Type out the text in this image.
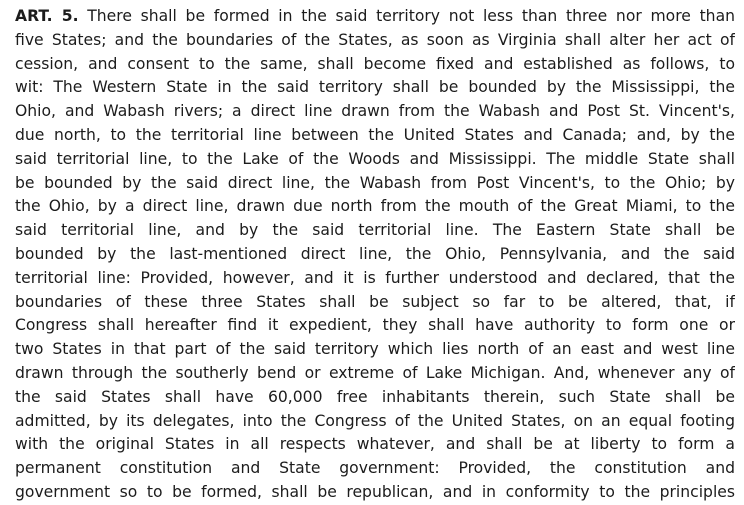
ART. 5. There shall be formed in the said territory not less than three nor more than
five States; and the boundaries of the States, as soon as Virginia shall alter her act of
cession, and consent to the same, shall become fixed and established as follows, to
wit: The Western State in the said territory shall be bounded by the Mississippi, the
Ohio, and Wabash rivers; a direct line drawn from the Wabash and Post St. Vincent's,
due north, to the territorial line between the United States and Canada; and, by the
said territorial line, to the Lake of the Woods and Mississippi. The middle State shall
be bounded by the said direct line, the Wabash from Post Vincent's, to the Ohio; by
the Ohio, by a direct line, drawn due north from the mouth of the Great Miami, to the
said territorial line, and by the said territorial line. The Eastern State shall be
bounded by the last-mentioned direct line, the Ohio, Pennsylvania, and the said
territorial line: Provided, however, and it is further understood and declared, that the
boundaries of these three States shall be subject so far to be altered, that, if
Congress shall hereafter find it expedient, they shall have authority to form one or
two States in that part of the said territory which lies north of an east and west line
drawn through the southerly bend or extreme of Lake Michigan. And, whenever any of
the said States shall have 60,000 free inhabitants therein, such State shall be
admitted, by its delegates, into the Congress of the United States, on an equal footing
with the original States in all respects whatever, and shall be at liberty to form a
permanent constitution and State government: Provided, the constitution and
government so to be formed, shall be republican, and in conformity to the principles
